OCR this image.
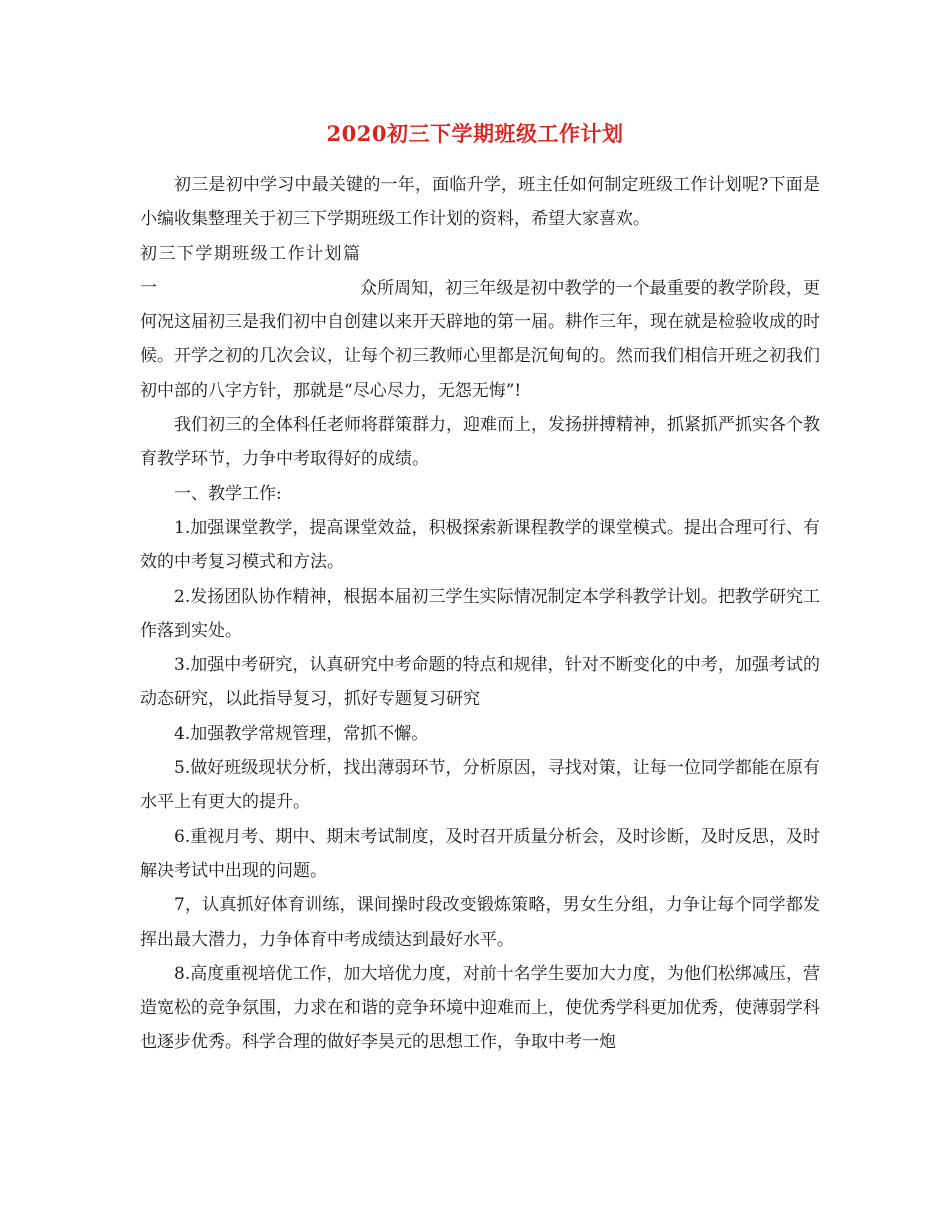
2020初三下学期班级工作计划

初三是初中学习中最关键的一年，面临升学，班主任如何制定班级工作计划呢?下面是小编收集整理关于初三下学期班级工作计划的资料，希望大家喜欢。

初三下学期班级工作计划篇一	众所周知，初三年级是初中教学的一个最重要的教学阶段，更何况这届初三是我们初中自创建以来开天辟地的第一届。耕作三年，现在就是检验收成的时候。开学之初的几次会议，让每个初三教师心里都是沉甸甸的。然而我们相信开班之初我们初中部的八字方针，那就是“尽心尽力，无怨无悔”!

我们初三的全体科任老师将群策群力，迎难而上，发扬拼搏精神，抓紧抓严抓实各个教育教学环节，力争中考取得好的成绩。

一、教学工作:

1.加强课堂教学，提高课堂效益，积极探索新课程教学的课堂模式。提出合理可行、有效的中考复习模式和方法。

2.发扬团队协作精神，根据本届初三学生实际情况制定本学科教学计划。把教学研究工作落到实处。

3.加强中考研究，认真研究中考命题的特点和规律，针对不断变化的中考，加强考试的动态研究，以此指导复习，抓好专题复习研究

4.加强教学常规管理，常抓不懈。

5.做好班级现状分析，找出薄弱环节，分析原因，寻找对策，让每一位同学都能在原有水平上有更大的提升。

6.重视月考、期中、期末考试制度，及时召开质量分析会，及时诊断，及时反思，及时解决考试中出现的问题。

7，认真抓好体育训练，课间操时段改变锻炼策略，男女生分组，力争让每个同学都发挥出最大潜力，力争体育中考成绩达到最好水平。

8.高度重视培优工作，加大培优力度，对前十名学生要加大力度，为他们松绑减压，营造宽松的竞争氛围，力求在和谐的竞争环境中迎难而上，使优秀学科更加优秀，使薄弱学科也逐步优秀。科学合理的做好李昊元的思想工作，争取中考一炮
